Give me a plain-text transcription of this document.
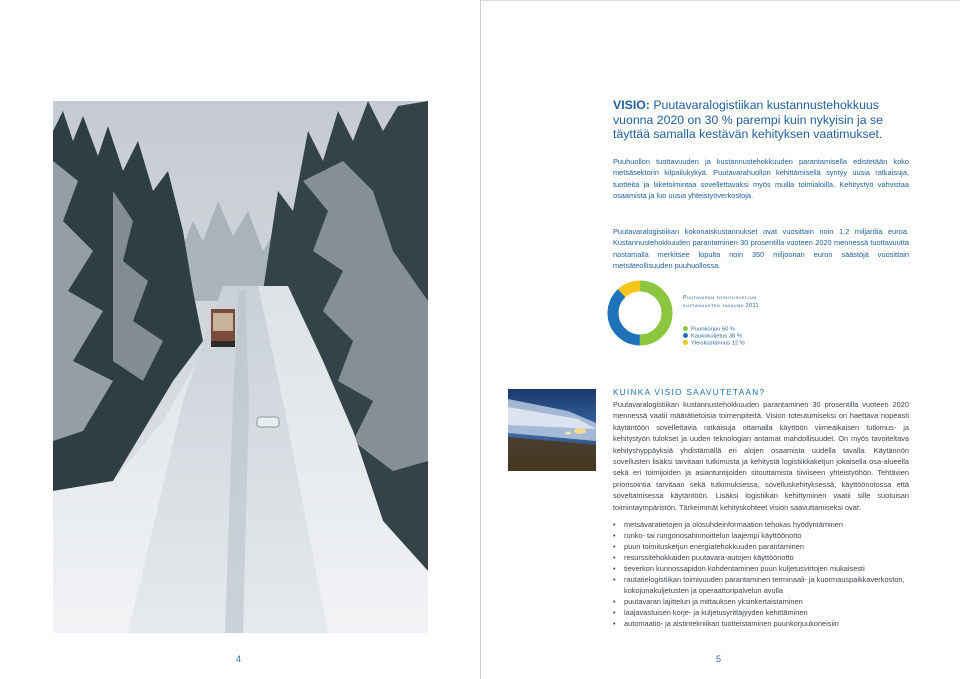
4
VISIO: Puutavaralogistiikan kustannustehokkuus vuonna 2020 on 30 % parempi kuin nykyisin ja se täyttää samalla kestävän kehityksen vaatimukset.
Puuhuollon tuottavuuden ja kustannustehokkuuden parantamisella edistetään koko metsäsektorin kilpailukykyä. Puutavarahuollon kehittämisellä syntyy uusia ratkaisuja, tuotteita ja liiketoimintaa sovellettavaksi myös muilla toimialoilla. Kehitystyö vahvistaa osaamista ja luo uusia yhteistyöverkostoja.
Puutavaralogistiikan kokonaiskustannukset ovat vuosittain noin 1,2 miljardia euroa. Kustannustehokkuuden parantaminen 30 prosentilla vuoteen 2020 mennessä tuottavuutta nostamalla merkitsee lopulta noin 350 miljoonan euron säästöjä vuosittain metsäteollisuuden puuhuollossa.
Puutavaran toimitusketjun kustannusten jakauma 2011
Puunkorjuu 50 %
Kaukokuljetus 38 %
Yleiskustannus 12 %
KUINKA VISIO SAAVUTETAAN?
Puutavaralogistiikan kustannustehokkuuden parantaminen 30 prosentilla vuoteen 2020 mennessä vaatii määrätietoisia toimenpiteitä. Vision toteutumiseksi on haettava nopeasti käytäntöön sovellettavia ratkaisuja ottamalla käyttöön viimeaikaisen tutkimus- ja kehitystyön tulokset ja uuden teknologian antamat mahdollisuudet. On myös tavoiteltava kehityshyppäyksiä yhdistämällä eri alojen osaamista uudella tavalla. Käytännön sovellusten lisäksi tarvitaan tutkimusta ja kehitystä logistiikkaketjun jokaisella osa-alueella sekä eri toimijoiden ja asiantuntijoiden sitouttamista tiiviiseen yhteistyöhön. Tehtävien priorisointia tarvitaan sekä tutkimuksessa, sovelluskehityksessä, käyttöönotossa että soveltamisessa käytäntöön. Lisäksi logistiikan kehittyminen vaatii sille suotuisan toimintaympäristön. Tärkeimmät kehityskohteet vision saavuttamiseksi ovat:
• metsävaratietojen ja olosuhdeinformaation tehokas hyödyntäminen
• runko- tai rungonosahinnoittelun laajempi käyttöönotto
• puun toimitusketjun energiatehokkuuden parantaminen
• resurssitehokkaiden puutavara-autojen käyttöönotto
• tieverkon kunnossapidon kohdentaminen puun kuljetusvirtojen mukaisesti
• rautatielogistiikan toimivuuden parantaminen terminaali- ja kuormauspaikkaverkoston, kokojunakuljetusten ja operaattoripalvelun avulla
• puutavaran lajittelun ja mittauksen yksinkertaistaminen
• laajavastuisen korje- ja kuljetusyrittäjyyden kehittäminen
• automaatio- ja aistintekniikan tuotteistaminen puunkorjuukoneisiin
5
